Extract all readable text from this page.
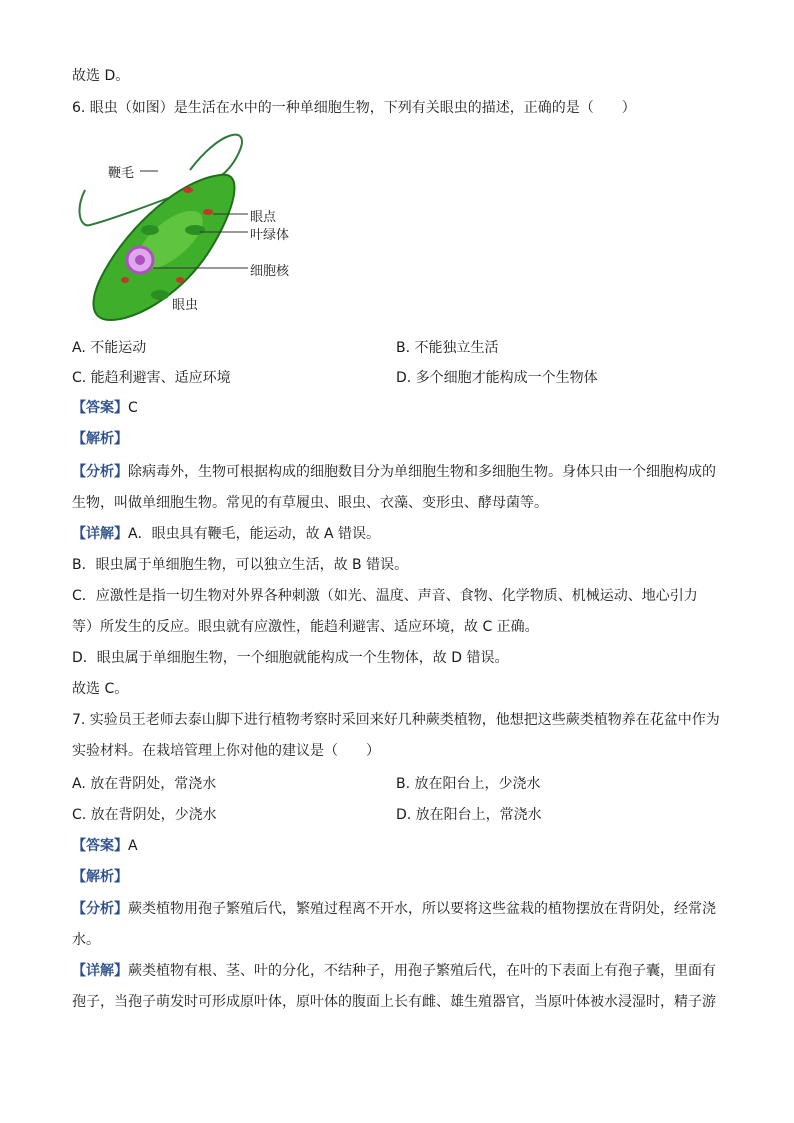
故选 D。
6. 眼虫（如图）是生活在水中的一种单细胞生物，下列有关眼虫的描述，正确的是（　　）
鞭毛
眼点
叶绿体
细胞核
眼虫
A. 不能运动	B. 不能独立生活
C. 能趋利避害、适应环境	D. 多个细胞才能构成一个生物体
【答案】C
【解析】
【分析】除病毒外，生物可根据构成的细胞数目分为单细胞生物和多细胞生物。身体只由一个细胞构成的
生物，叫做单细胞生物。常见的有草履虫、眼虫、衣藻、变形虫、酵母菌等。
【详解】A．眼虫具有鞭毛，能运动，故 A 错误。
B．眼虫属于单细胞生物，可以独立生活，故 B 错误。
C．应激性是指一切生物对外界各种刺激（如光、温度、声音、食物、化学物质、机械运动、地心引力
等）所发生的反应。眼虫就有应激性，能趋利避害、适应环境，故 C 正确。
D．眼虫属于单细胞生物，一个细胞就能构成一个生物体，故 D 错误。
故选 C。
7. 实验员王老师去泰山脚下进行植物考察时采回来好几种蕨类植物，他想把这些蕨类植物养在花盆中作为
实验材料。在栽培管理上你对他的建议是（　　）
A. 放在背阴处，常浇水	B. 放在阳台上，少浇水
C. 放在背阴处，少浇水	D. 放在阳台上，常浇水
【答案】A
【解析】
【分析】蕨类植物用孢子繁殖后代，繁殖过程离不开水，所以要将这些盆栽的植物摆放在背阴处，经常浇
水。
【详解】蕨类植物有根、茎、叶的分化，不结种子，用孢子繁殖后代，在叶的下表面上有孢子囊，里面有
孢子，当孢子萌发时可形成原叶体，原叶体的腹面上长有雌、雄生殖器官，当原叶体被水浸湿时，精子游
